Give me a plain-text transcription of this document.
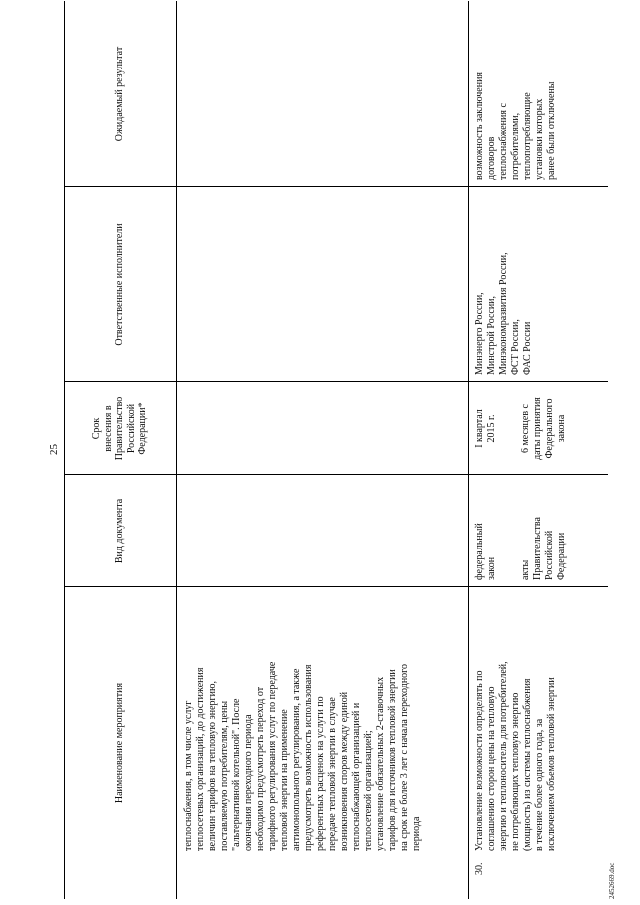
25
Наименование мероприятия
Вид документа
Срок внесения в Правительство Российской Федерации*
Ответственные исполнители
Ожидаемый результат
теплоснабжения, в том числе услуг теплосетевых организаций, до достижения величин тарифов на тепловую энергию, поставляемую потребителям, цены "альтернативной котельной". После окончания переходного периода необходимо предусмотреть переход от тарифного регулирования услуг по передаче тепловой энергии на применение антимонопольного регулирования, а также предусмотреть возможность использования референтных расценок на услуги по передаче тепловой энергии в случае возникновения споров между единой теплоснабжающей организацией и теплосетевой организацией; установление обязательных 2-ставочных тарифов для источников тепловой энергии на срок не более 3 лет с начала переходного периода
30.
Установление возможности определять по соглашению сторон цены на тепловую энергию и теплоноситель для потребителей, не потребляющих тепловую энергию (мощность) из системы теплоснабжения в течение более одного года, за исключением объемов тепловой энергии
федеральный закон акты Правительства Российской Федерации
I квартал 2015 г. 6 месяцев с даты принятия Федерального закона
Минэнерго России, Минстрой России, Минэкономразвития России, ФСТ России, ФАС России
возможность заключения договоров теплоснабжения с потребителями, теплопотребляющие установки которых ранее были отключены
2452669.doc
